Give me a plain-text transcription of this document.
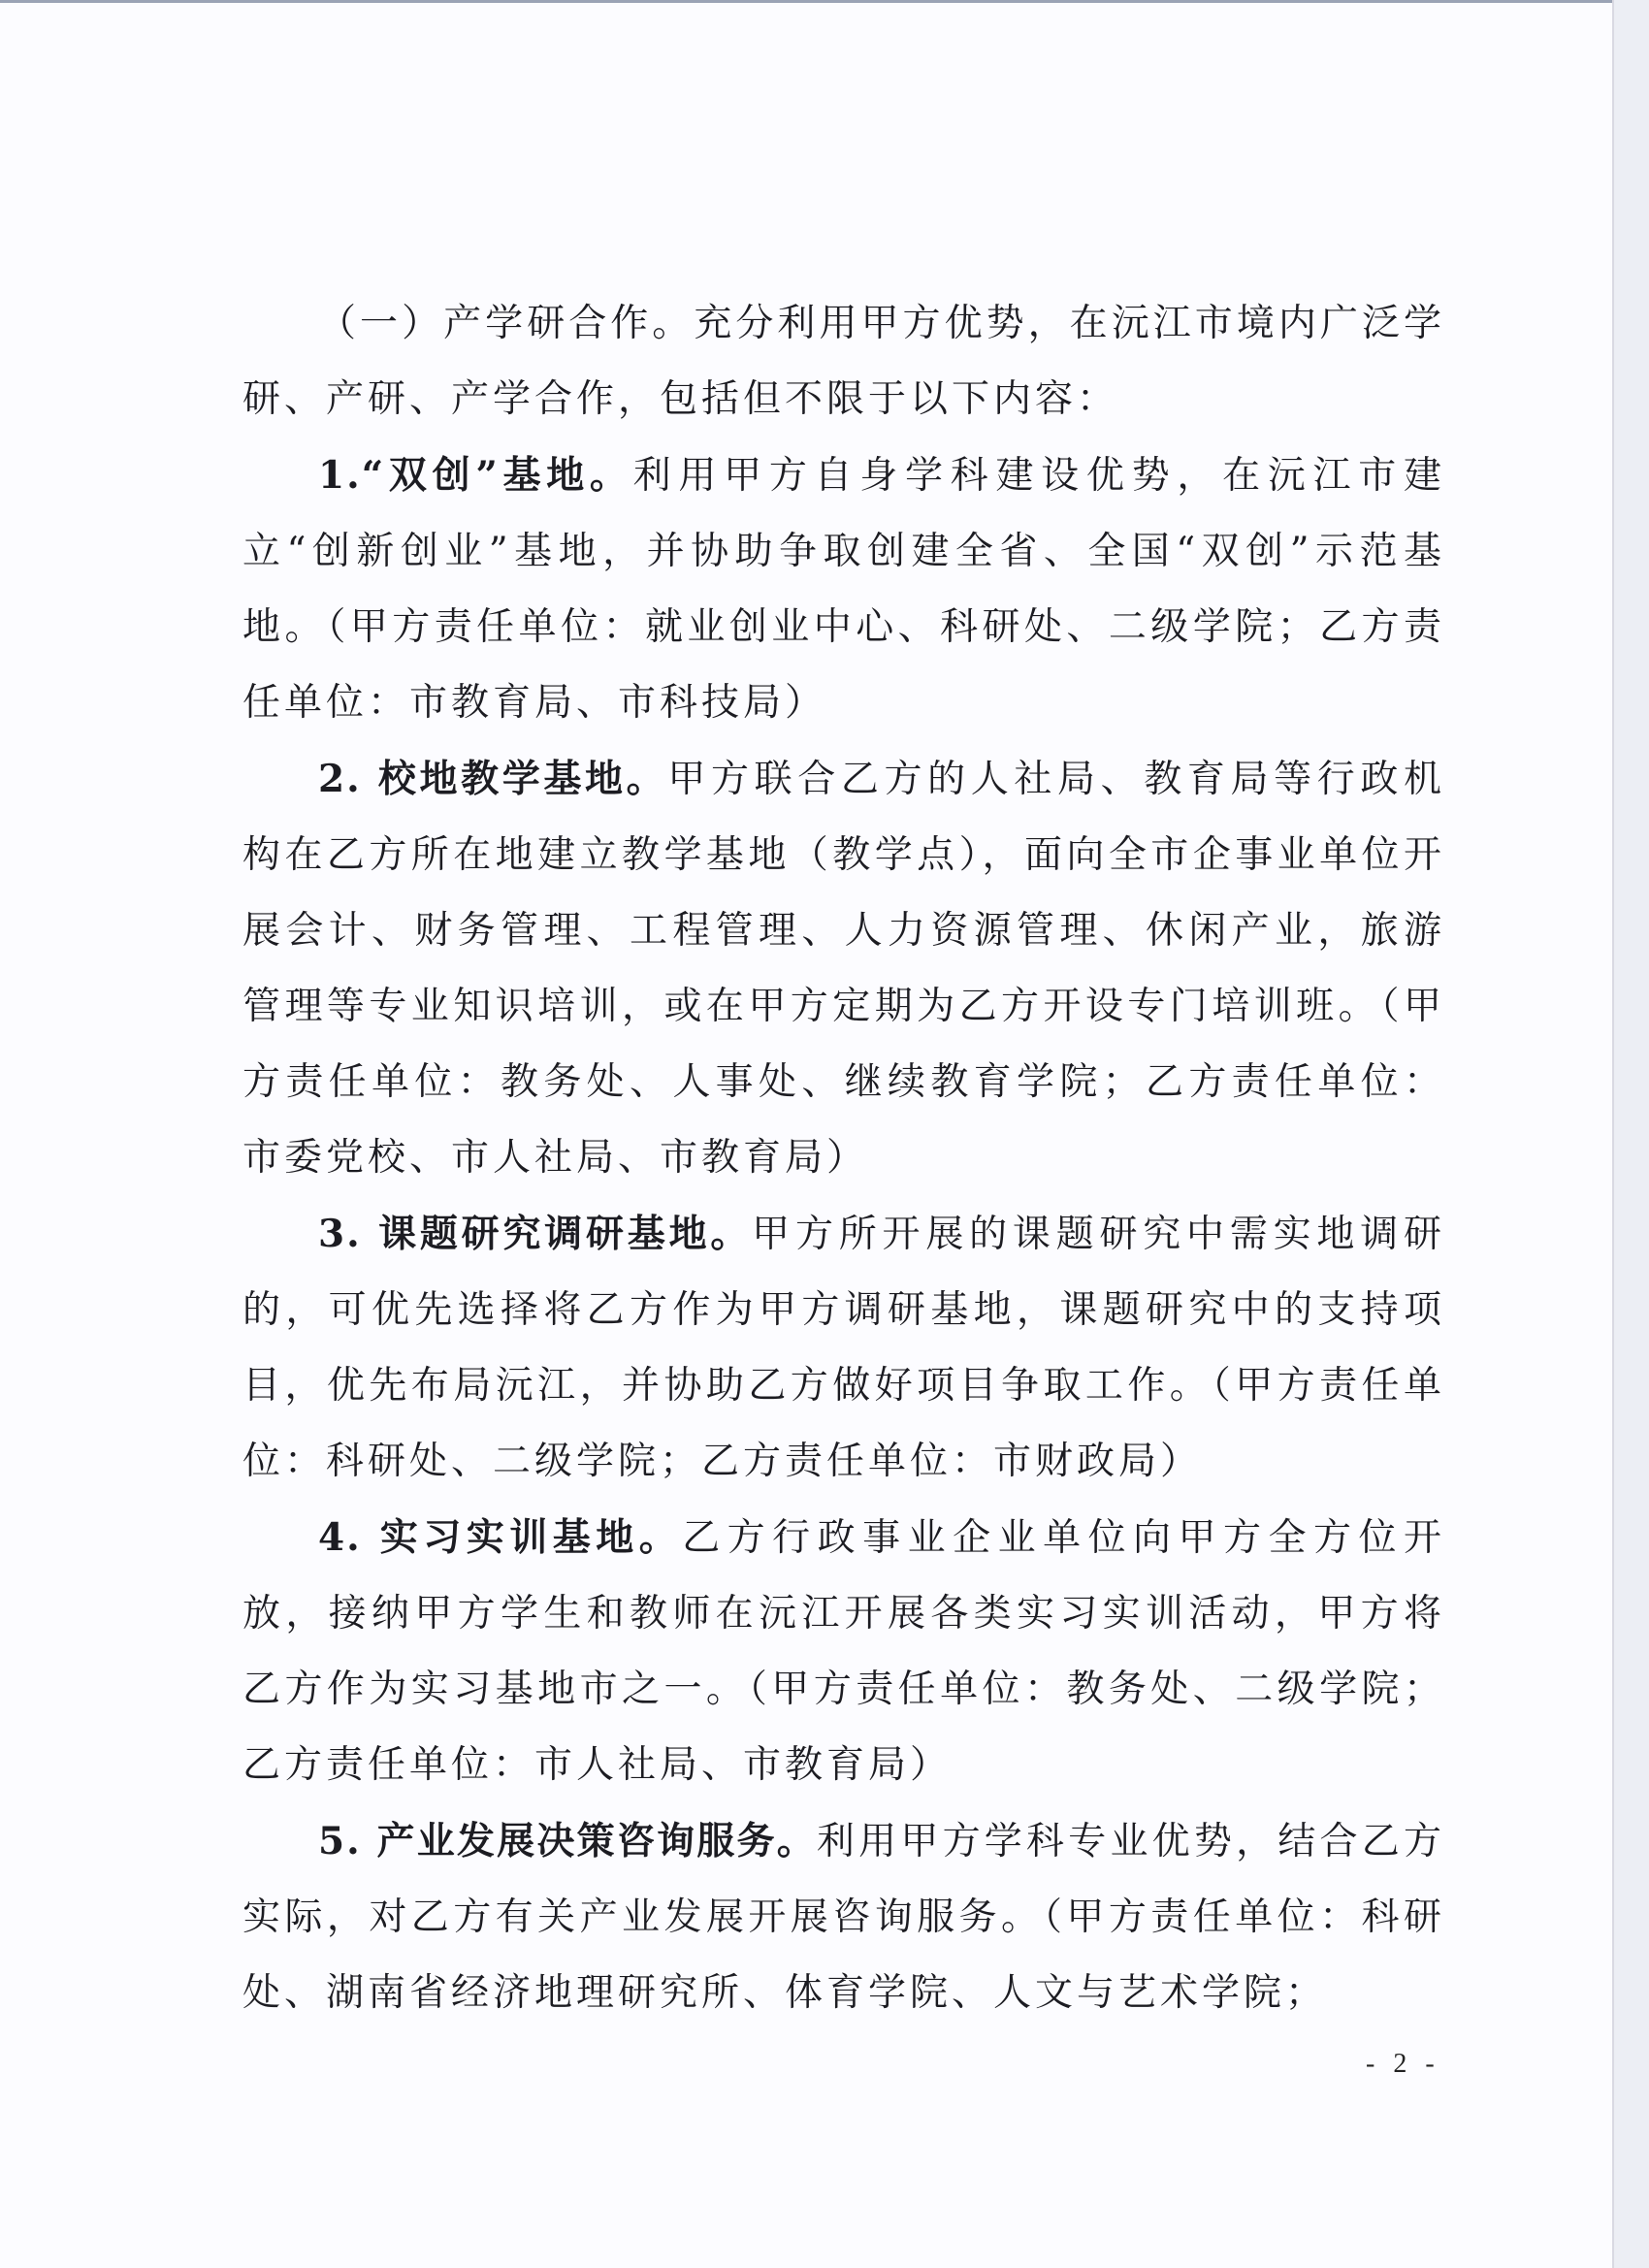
（一）产学研合作。充分利用甲方优势，在沅江市境内广泛学研、产研、产学合作，包括但不限于以下内容：

1.“双创”基地。利用甲方自身学科建设优势，在沅江市建立“创新创业”基地，并协助争取创建全省、全国“双创”示范基地。（甲方责任单位：就业创业中心、科研处、二级学院；乙方责任单位：市教育局、市科技局）

2. 校地教学基地。甲方联合乙方的人社局、教育局等行政机构在乙方所在地建立教学基地（教学点），面向全市企事业单位开展会计、财务管理、工程管理、人力资源管理、休闲产业，旅游管理等专业知识培训，或在甲方定期为乙方开设专门培训班。（甲方责任单位：教务处、人事处、继续教育学院；乙方责任单位：市委党校、市人社局、市教育局）

3. 课题研究调研基地。甲方所开展的课题研究中需实地调研的，可优先选择将乙方作为甲方调研基地，课题研究中的支持项目，优先布局沅江，并协助乙方做好项目争取工作。（甲方责任单位：科研处、二级学院；乙方责任单位：市财政局）

4. 实习实训基地。乙方行政事业企业单位向甲方全方位开放，接纳甲方学生和教师在沅江开展各类实习实训活动，甲方将乙方作为实习基地市之一。（甲方责任单位：教务处、二级学院；乙方责任单位：市人社局、市教育局）

5. 产业发展决策咨询服务。利用甲方学科专业优势，结合乙方实际，对乙方有关产业发展开展咨询服务。（甲方责任单位：科研处、湖南省经济地理研究所、体育学院、人文与艺术学院；

- 2 -
